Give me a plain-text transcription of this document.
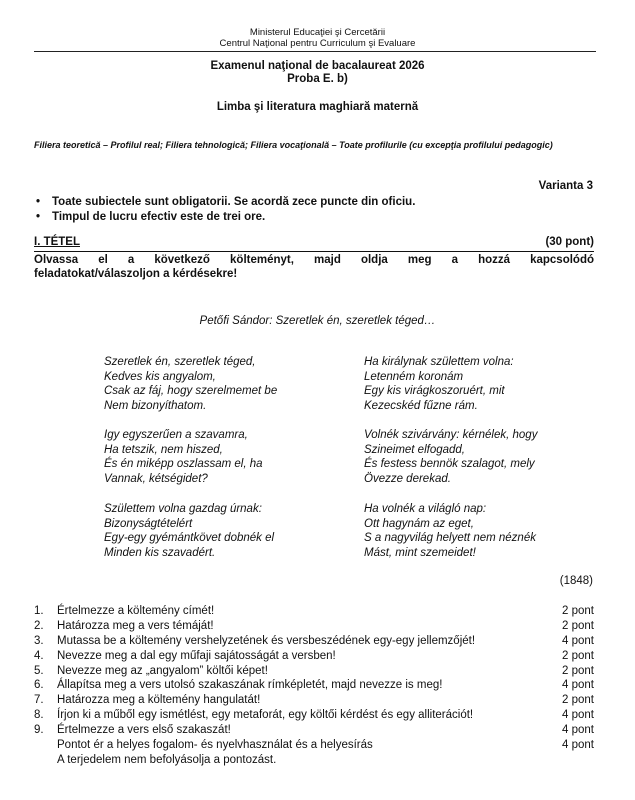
Ministerul Educaţiei şi Cercetării
Centrul Naţional pentru Curriculum şi Evaluare
Examenul naţional de bacalaureat 2026
Proba E. b)
Limba şi literatura maghiară maternă
Filiera teoretică – Profilul real; Filiera tehnologică; Filiera vocaţională – Toate profilurile (cu excepţia profilului pedagogic)
Varianta 3
• Toate subiectele sunt obligatorii. Se acordă zece puncte din oficiu.
• Timpul de lucru efectiv este de trei ore.
I. TÉTEL	(30 pont)
Olvassa el a következő költeményt, majd oldja meg a hozzá kapcsolódó
feladatokat/válaszoljon a kérdésekre!
Petőfi Sándor: Szeretlek én, szeretlek téged…
Szeretlek én, szeretlek téged,
Kedves kis angyalom,
Csak az fáj, hogy szerelmemet be
Nem bizonyíthatom.
Ha királynak születtem volna:
Letenném koronám
Egy kis virágkoszoruért, mit
Kezecskéd fűzne rám.
Igy egyszerűen a szavamra,
Ha tetszik, nem hiszed,
És én miképp oszlassam el, ha
Vannak, kétségidet?
Volnék szivárvány: kérnélek, hogy
Szineimet elfogadd,
És festess bennök szalagot, mely
Övezze derekad.
Születtem volna gazdag úrnak:
Bizonyságtételért
Egy-egy gyémántkövet dobnék el
Minden kis szavadért.
Ha volnék a világló nap:
Ott hagynám az eget,
S a nagyvilág helyett nem néznék
Mást, mint szemeidet!
(1848)
1. Értelmezze a költemény címét!	2 pont
2. Határozza meg a vers témáját!	2 pont
3. Mutassa be a költemény vershelyzetének és versbeszédének egy-egy jellemzőjét!	4 pont
4. Nevezze meg a dal egy műfaji sajátosságát a versben!	2 pont
5. Nevezze meg az „angyalom” költői képet!	2 pont
6. Állapítsa meg a vers utolsó szakaszának rímképletét, majd nevezze is meg!	4 pont
7. Határozza meg a költemény hangulatát!	2 pont
8. Írjon ki a műből egy ismétlést, egy metaforát, egy költői kérdést és egy alliterációt!	4 pont
9. Értelmezze a vers első szakaszát!	4 pont
Pontot ér a helyes fogalom- és nyelvhasználat és a helyesírás	4 pont
A terjedelem nem befolyásolja a pontozást.
